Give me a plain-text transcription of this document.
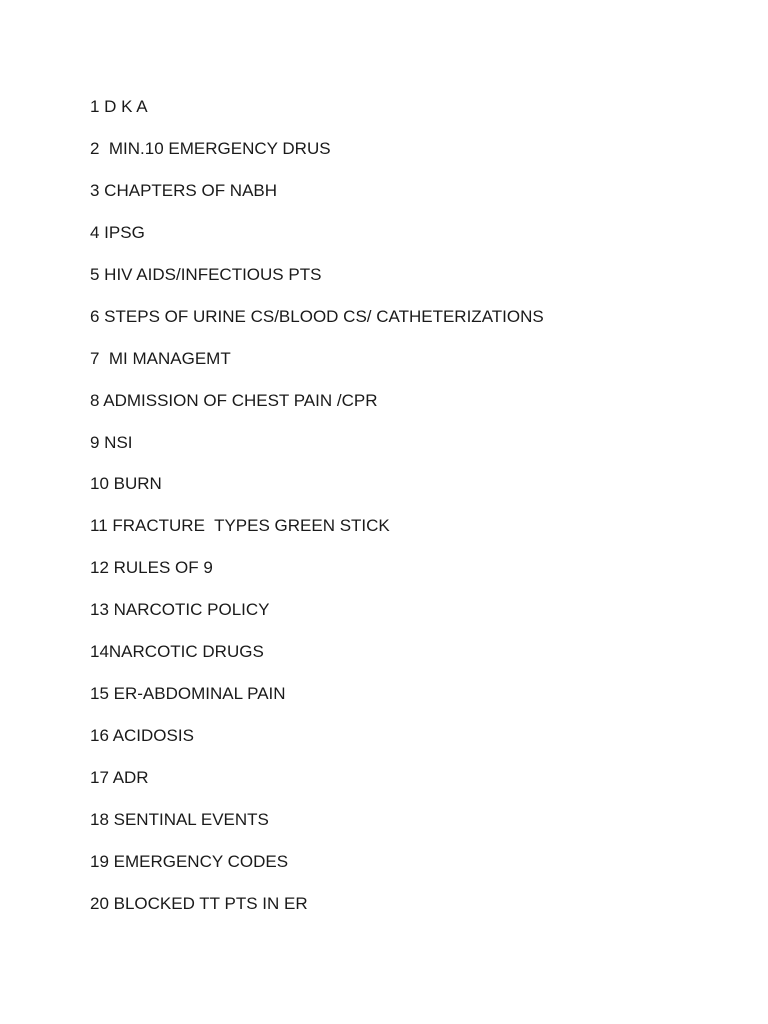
1 D K A
2  MIN.10 EMERGENCY DRUS
3 CHAPTERS OF NABH
4 IPSG
5 HIV AIDS/INFECTIOUS PTS
6 STEPS OF URINE CS/BLOOD CS/ CATHETERIZATIONS
7  MI MANAGEMT
8 ADMISSION OF CHEST PAIN /CPR
9 NSI
10 BURN
11 FRACTURE  TYPES GREEN STICK
12 RULES OF 9
13 NARCOTIC POLICY
14NARCOTIC DRUGS
15 ER-ABDOMINAL PAIN
16 ACIDOSIS
17 ADR
18 SENTINAL EVENTS
19 EMERGENCY CODES
20 BLOCKED TT PTS IN ER
